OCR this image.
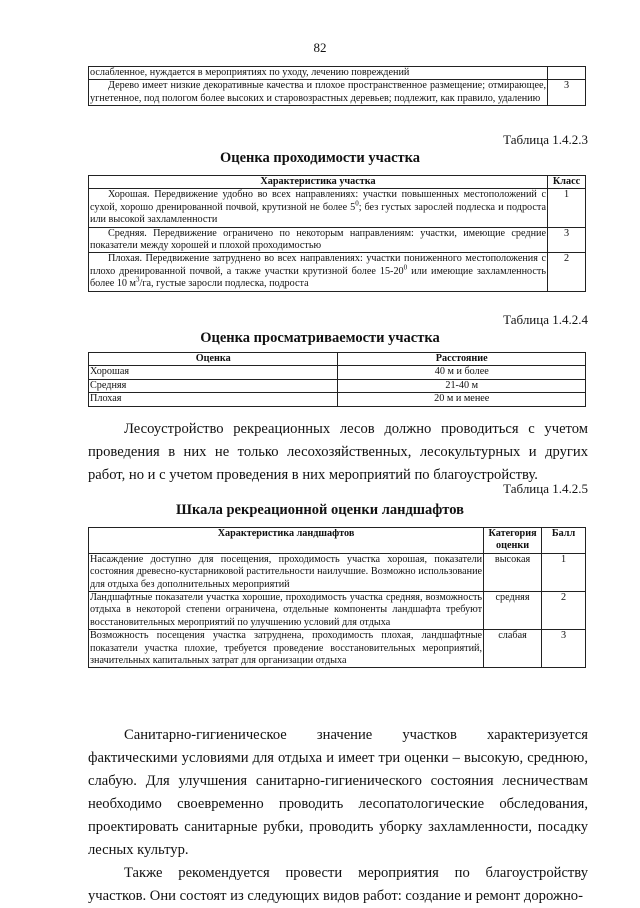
82
ослабленное, нуждается в мероприятиях по уходу, лечению повреждений	
Дерево имеет низкие декоративные качества и плохое пространственное размещение; отмирающее, угнетенное, под пологом более высоких и старовозрастных деревьев; подлежит, как правило, удалению	3
Таблица 1.4.2.3
Оценка проходимости участка
Характеристика участка	Класс
Хорошая. Передвижение удобно во всех направлениях: участки повышенных местоположений с сухой, хорошо дренированной почвой, крутизной не более $5^0$; без густых зарослей подлеска и подроста или высокой захламленности	1
Средняя. Передвижение ограничено по некоторым направлениям: участки, имеющие средние показатели между хорошей и плохой проходимостью	3
Плохая. Передвижение затруднено во всех направлениях: участки пониженного местоположения с плохо дренированной почвой, а также участки крутизной более $15-20^0$ или имеющие захламленность более 10 $м^3/га$, густые заросли подлеска, подроста	2
Таблица 1.4.2.4
Оценка просматриваемости участка
Оценка	Расстояние
Хорошая	40 м и более
Средняя	21-40 м
Плохая	20 м и менее

Лесоустройство рекреационных лесов должно проводиться с учетом проведения в них не только лесохозяйственных, лесокультурных и других работ, но и с учетом проведения в них мероприятий по благоустройству.

Таблица 1.4.2.5
Шкала рекреационной оценки ландшафтов
Характеристика ландшафтов	Категория оценки	Балл
Насаждение доступно для посещения, проходимость участка хорошая, показатели состояния древесно-кустарниковой растительности наилучшие. Возможно использование для отдыха без дополнительных мероприятий	высокая	1
Ландшафтные показатели участка хорошие, проходимость участка средняя, возможность отдыха в некоторой степени ограничена, отдельные компоненты ландшафта требуют восстановительных мероприятий по улучшению условий для отдыха	средняя	2
Возможность посещения участка затруднена, проходимость плохая, ландшафтные показатели участка плохие, требуется проведение восстановительных мероприятий, значительных капитальных затрат для организации отдыха	слабая	3

Санитарно-гигиеническое значение участков характеризуется фактическими условиями для отдыха и имеет три оценки – высокую, среднюю, слабую. Для улучшения санитарно-гигиенического состояния лесничествам необходимо своевременно проводить лесопатологические обследования, проектировать санитарные рубки, проводить уборку захламленности, посадку лесных культур.

Также рекомендуется провести мероприятия по благоустройству участков. Они состоят из следующих видов работ: создание и ремонт дорожно-
